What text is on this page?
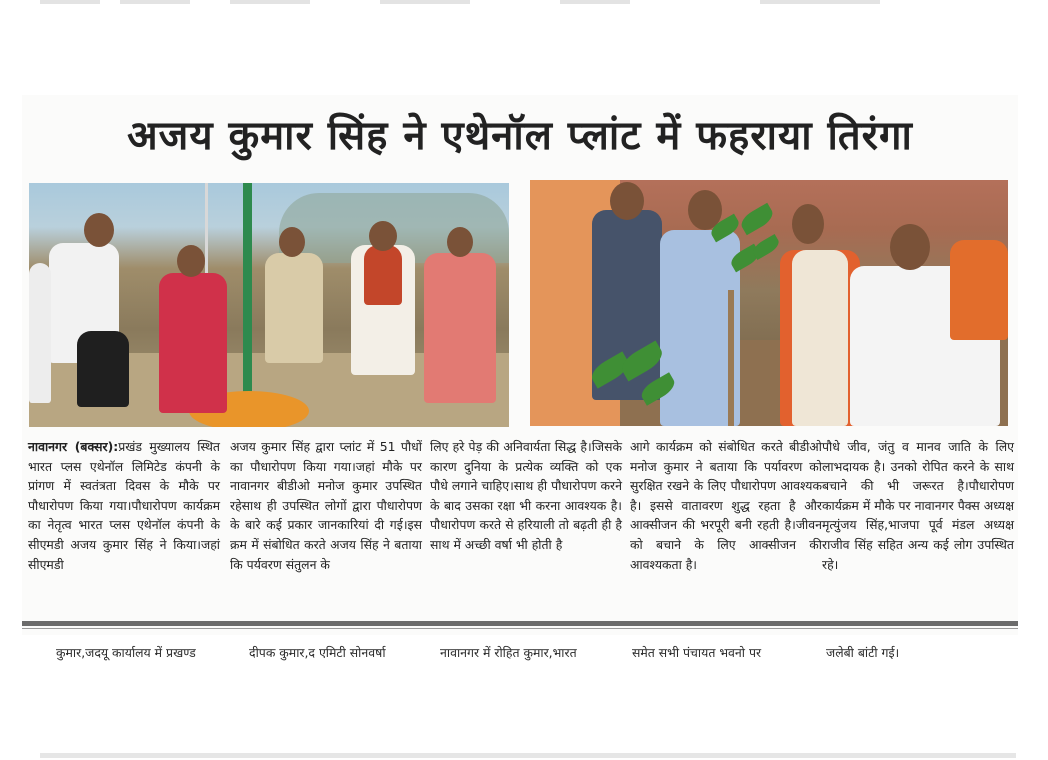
अजय कुमार सिंह ने एथेनॉल प्लांट में फहराया तिरंगा
नावानगर (बक्सर):प्रखंड मुख्यालय स्थित भारत प्लस एथेनॉल लिमिटेड कंपनी के प्रांगण में स्वतंत्रता दिवस के मौके पर पौधारोपण किया गया।पौधारोपण कार्यक्रम का नेतृत्व भारत प्लस एथेनॉल कंपनी के सीएमडी अजय कुमार सिंह ने किया।जहां सीएमडी
अजय कुमार सिंह द्वारा प्लांट में 51 पौधों का पौधारोपण किया गया।जहां मौके पर नावानगर बीडीओ मनोज कुमार उपस्थित रहेसाथ ही उपस्थित लोगों द्वारा पौधारोपण के बारे कई प्रकार जानकारियां दी गई।इस क्रम में संबोधित करते अजय सिंह ने बताया कि पर्यवरण संतुलन के
लिए हरे पेड़ की अनिवार्यता सिद्ध है।जिसके कारण दुनिया के प्रत्येक व्यक्ति को एक पौधे लगाने चाहिए।साथ ही पौधारोपण करने के बाद उसका रक्षा भी करना आवश्यक है। पौधारोपण करते से हरियाली तो बढ़ती ही है साथ में अच्छी वर्षा भी होती है
आगे कार्यक्रम को संबोधित करते बीडीओ मनोज कुमार ने बताया कि पर्यावरण को सुरक्षित रखने के लिए पौधारोपण आवश्यक है। इससे वातावरण शुद्ध रहता है और आक्सीजन की भरपूरी बनी रहती है।जीवन को बचाने के लिए आक्सीजन की आवश्यकता है।
पौधे जीव, जंतु व मानव जाति के लिए लाभदायक है। उनको रोपित करने के साथ बचाने की भी जरूरत है।पौधारोपण कार्यक्रम में मौके पर नावानगर पैक्स अध्यक्ष मृत्युंजय सिंह,भाजपा पूर्व मंडल अध्यक्ष राजीव सिंह सहित अन्य कई लोग उपस्थित रहे।
कुमार,जदयू कार्यालय में प्रखण्ड	दीपक कुमार,द एमिटी सोनवर्षा	नावानगर में रोहित कुमार,भारत	समेत सभी पंचायत भवनो पर	जलेबी बांटी गई।
